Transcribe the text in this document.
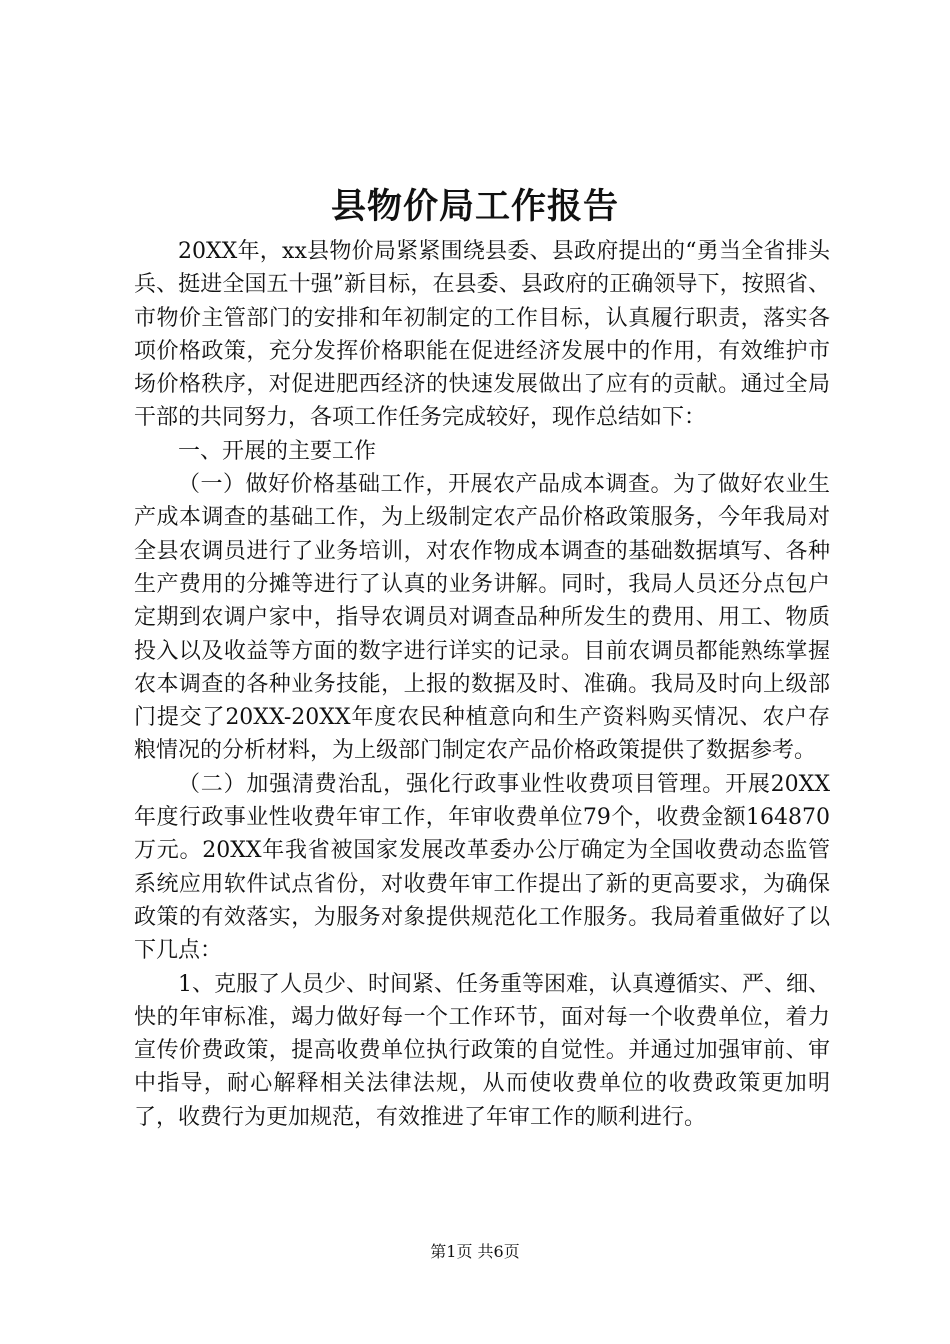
县物价局工作报告

20XX年，xx县物价局紧紧围绕县委、县政府提出的“勇当全省排头兵、挺进全国五十强”新目标，在县委、县政府的正确领导下，按照省、市物价主管部门的安排和年初制定的工作目标，认真履行职责，落实各项价格政策，充分发挥价格职能在促进经济发展中的作用，有效维护市场价格秩序，对促进肥西经济的快速发展做出了应有的贡献。通过全局干部的共同努力，各项工作任务完成较好，现作总结如下：

一、开展的主要工作

（一）做好价格基础工作，开展农产品成本调查。为了做好农业生产成本调查的基础工作，为上级制定农产品价格政策服务，今年我局对全县农调员进行了业务培训，对农作物成本调查的基础数据填写、各种生产费用的分摊等进行了认真的业务讲解。同时，我局人员还分点包户定期到农调户家中，指导农调员对调查品种所发生的费用、用工、物质投入以及收益等方面的数字进行详实的记录。目前农调员都能熟练掌握农本调查的各种业务技能，上报的数据及时、准确。我局及时向上级部门提交了20XX-20XX年度农民种植意向和生产资料购买情况、农户存粮情况的分析材料，为上级部门制定农产品价格政策提供了数据参考。

（二）加强清费治乱，强化行政事业性收费项目管理。开展20XX年度行政事业性收费年审工作，年审收费单位79个，收费金额164870万元。20XX年我省被国家发展改革委办公厅确定为全国收费动态监管系统应用软件试点省份，对收费年审工作提出了新的更高要求，为确保政策的有效落实，为服务对象提供规范化工作服务。我局着重做好了以下几点：

1、克服了人员少、时间紧、任务重等困难，认真遵循实、严、细、快的年审标准，竭力做好每一个工作环节，面对每一个收费单位，着力宣传价费政策，提高收费单位执行政策的自觉性。并通过加强审前、审中指导，耐心解释相关法律法规，从而使收费单位的收费政策更加明了，收费行为更加规范，有效推进了年审工作的顺利进行。

第1页 共6页
